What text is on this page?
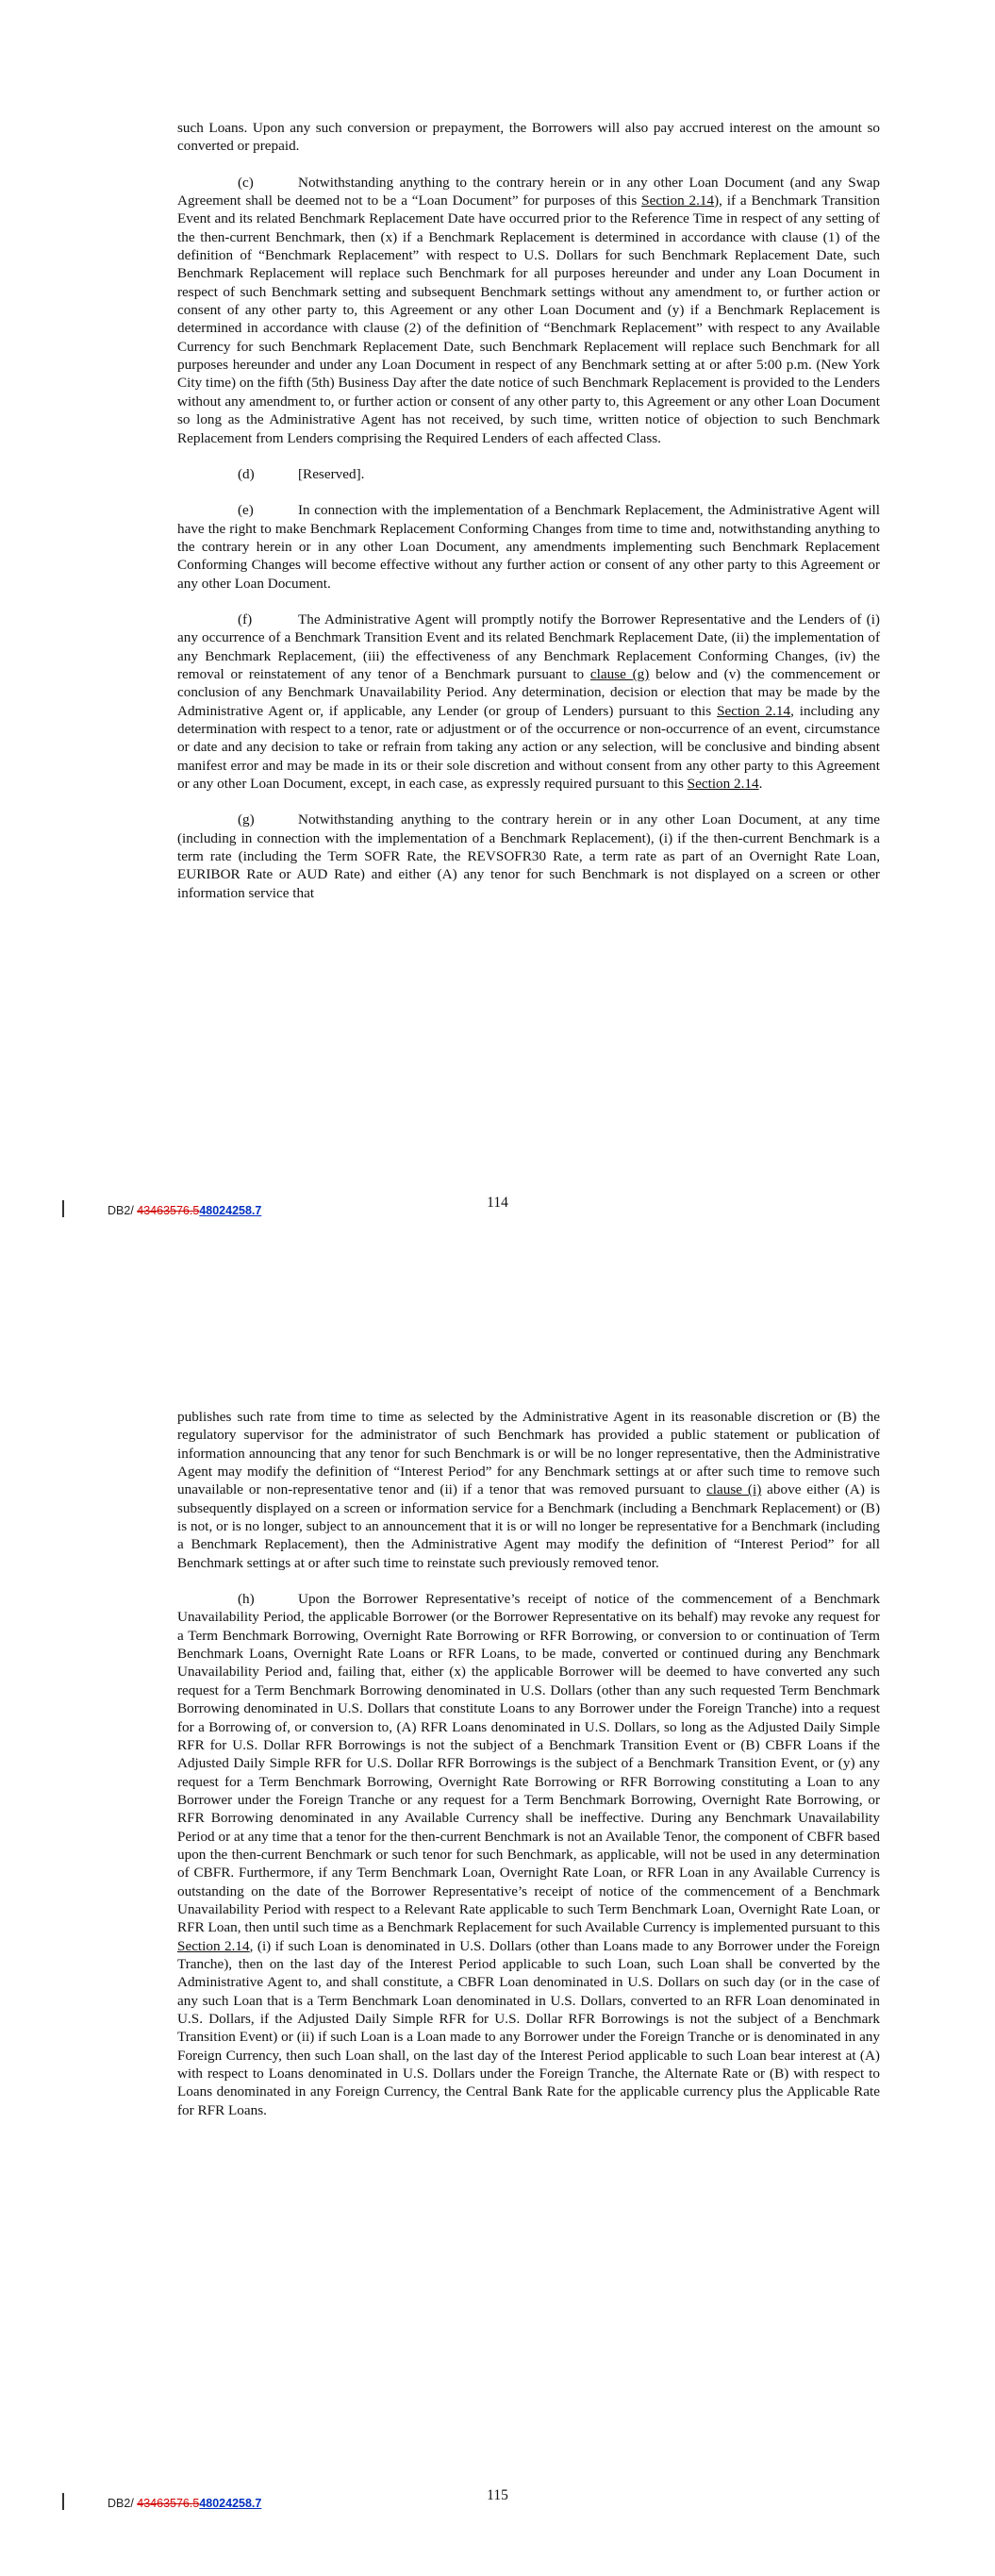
such Loans. Upon any such conversion or prepayment, the Borrowers will also pay accrued interest on the amount so converted or prepaid.

(c)	Notwithstanding anything to the contrary herein or in any other Loan Document (and any Swap Agreement shall be deemed not to be a “Loan Document” for purposes of this Section 2.14), if a Benchmark Transition Event and its related Benchmark Replacement Date have occurred prior to the Reference Time in respect of any setting of the then-current Benchmark, then (x) if a Benchmark Replacement is determined in accordance with clause (1) of the definition of “Benchmark Replacement” with respect to U.S. Dollars for such Benchmark Replacement Date, such Benchmark Replacement will replace such Benchmark for all purposes hereunder and under any Loan Document in respect of such Benchmark setting and subsequent Benchmark settings without any amendment to, or further action or consent of any other party to, this Agreement or any other Loan Document and (y) if a Benchmark Replacement is determined in accordance with clause (2) of the definition of “Benchmark Replacement” with respect to any Available Currency for such Benchmark Replacement Date, such Benchmark Replacement will replace such Benchmark for all purposes hereunder and under any Loan Document in respect of any Benchmark setting at or after 5:00 p.m. (New York City time) on the fifth (5th) Business Day after the date notice of such Benchmark Replacement is provided to the Lenders without any amendment to, or further action or consent of any other party to, this Agreement or any other Loan Document so long as the Administrative Agent has not received, by such time, written notice of objection to such Benchmark Replacement from Lenders comprising the Required Lenders of each affected Class.

(d)	[Reserved].

(e)	In connection with the implementation of a Benchmark Replacement, the Administrative Agent will have the right to make Benchmark Replacement Conforming Changes from time to time and, notwithstanding anything to the contrary herein or in any other Loan Document, any amendments implementing such Benchmark Replacement Conforming Changes will become effective without any further action or consent of any other party to this Agreement or any other Loan Document.

(f)	The Administrative Agent will promptly notify the Borrower Representative and the Lenders of (i) any occurrence of a Benchmark Transition Event and its related Benchmark Replacement Date, (ii) the implementation of any Benchmark Replacement, (iii) the effectiveness of any Benchmark Replacement Conforming Changes, (iv) the removal or reinstatement of any tenor of a Benchmark pursuant to clause (g) below and (v) the commencement or conclusion of any Benchmark Unavailability Period. Any determination, decision or election that may be made by the Administrative Agent or, if applicable, any Lender (or group of Lenders) pursuant to this Section 2.14, including any determination with respect to a tenor, rate or adjustment or of the occurrence or non-occurrence of an event, circumstance or date and any decision to take or refrain from taking any action or any selection, will be conclusive and binding absent manifest error and may be made in its or their sole discretion and without consent from any other party to this Agreement or any other Loan Document, except, in each case, as expressly required pursuant to this Section 2.14.

(g)	Notwithstanding anything to the contrary herein or in any other Loan Document, at any time (including in connection with the implementation of a Benchmark Replacement), (i) if the then-current Benchmark is a term rate (including the Term SOFR Rate, the REVSOFR30 Rate, a term rate as part of an Overnight Rate Loan, EURIBOR Rate or AUD Rate) and either (A) any tenor for such Benchmark is not displayed on a screen or other information service that

DB2/ 43463576.548024258.7	114

publishes such rate from time to time as selected by the Administrative Agent in its reasonable discretion or (B) the regulatory supervisor for the administrator of such Benchmark has provided a public statement or publication of information announcing that any tenor for such Benchmark is or will be no longer representative, then the Administrative Agent may modify the definition of “Interest Period” for any Benchmark settings at or after such time to remove such unavailable or non-representative tenor and (ii) if a tenor that was removed pursuant to clause (i) above either (A) is subsequently displayed on a screen or information service for a Benchmark (including a Benchmark Replacement) or (B) is not, or is no longer, subject to an announcement that it is or will no longer be representative for a Benchmark (including a Benchmark Replacement), then the Administrative Agent may modify the definition of “Interest Period” for all Benchmark settings at or after such time to reinstate such previously removed tenor.

(h)	Upon the Borrower Representative’s receipt of notice of the commencement of a Benchmark Unavailability Period, the applicable Borrower (or the Borrower Representative on its behalf) may revoke any request for a Term Benchmark Borrowing, Overnight Rate Borrowing or RFR Borrowing, or conversion to or continuation of Term Benchmark Loans, Overnight Rate Loans or RFR Loans, to be made, converted or continued during any Benchmark Unavailability Period and, failing that, either (x) the applicable Borrower will be deemed to have converted any such request for a Term Benchmark Borrowing denominated in U.S. Dollars (other than any such requested Term Benchmark Borrowing denominated in U.S. Dollars that constitute Loans to any Borrower under the Foreign Tranche) into a request for a Borrowing of, or conversion to, (A) RFR Loans denominated in U.S. Dollars, so long as the Adjusted Daily Simple RFR for U.S. Dollar RFR Borrowings is not the subject of a Benchmark Transition Event or (B) CBFR Loans if the Adjusted Daily Simple RFR for U.S. Dollar RFR Borrowings is the subject of a Benchmark Transition Event, or (y) any request for a Term Benchmark Borrowing, Overnight Rate Borrowing or RFR Borrowing constituting a Loan to any Borrower under the Foreign Tranche or any request for a Term Benchmark Borrowing, Overnight Rate Borrowing, or RFR Borrowing denominated in any Available Currency shall be ineffective. During any Benchmark Unavailability Period or at any time that a tenor for the then-current Benchmark is not an Available Tenor, the component of CBFR based upon the then-current Benchmark or such tenor for such Benchmark, as applicable, will not be used in any determination of CBFR. Furthermore, if any Term Benchmark Loan, Overnight Rate Loan, or RFR Loan in any Available Currency is outstanding on the date of the Borrower Representative’s receipt of notice of the commencement of a Benchmark Unavailability Period with respect to a Relevant Rate applicable to such Term Benchmark Loan, Overnight Rate Loan, or RFR Loan, then until such time as a Benchmark Replacement for such Available Currency is implemented pursuant to this Section 2.14, (i) if such Loan is denominated in U.S. Dollars (other than Loans made to any Borrower under the Foreign Tranche), then on the last day of the Interest Period applicable to such Loan, such Loan shall be converted by the Administrative Agent to, and shall constitute, a CBFR Loan denominated in U.S. Dollars on such day (or in the case of any such Loan that is a Term Benchmark Loan denominated in U.S. Dollars, converted to an RFR Loan denominated in U.S. Dollars, if the Adjusted Daily Simple RFR for U.S. Dollar RFR Borrowings is not the subject of a Benchmark Transition Event) or (ii) if such Loan is a Loan made to any Borrower under the Foreign Tranche or is denominated in any Foreign Currency, then such Loan shall, on the last day of the Interest Period applicable to such Loan bear interest at (A) with respect to Loans denominated in U.S. Dollars under the Foreign Tranche, the Alternate Rate or (B) with respect to Loans denominated in any Foreign Currency, the Central Bank Rate for the applicable currency plus the Applicable Rate for RFR Loans.

DB2/ 43463576.548024258.7	115
